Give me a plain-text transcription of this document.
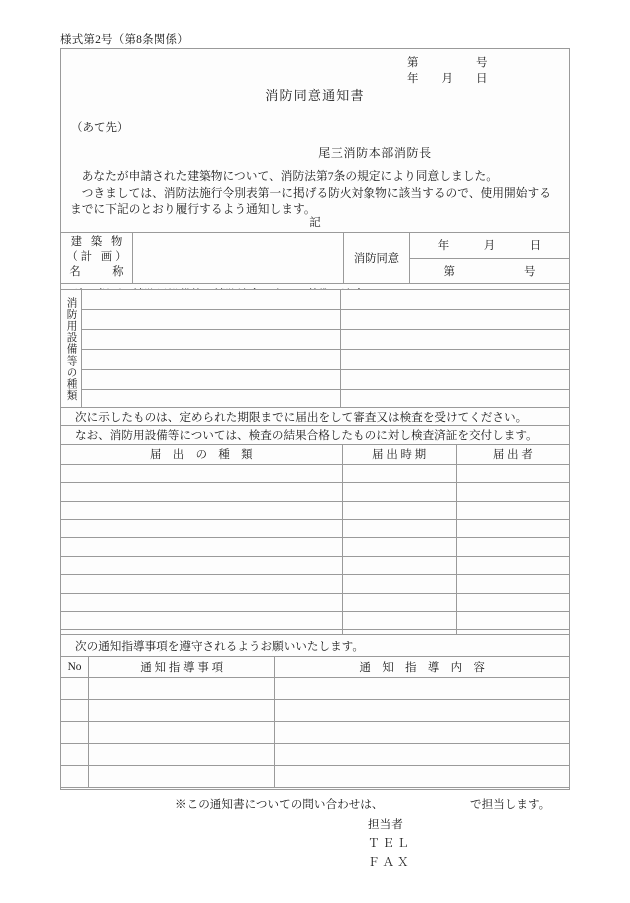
様式第2号（第8条関係）
第　　　　　号
年　　月　　日
消防同意通知書
（あて先）
尾三消防本部消防長

あなたが申請された建築物について、消防法第7条の規定により同意しました。

つきましては、消防法施行令別表第一に掲げる防火対象物に該当するので、使用開始するまでに下記のとおり履行するよう通知します。

記
建 築 物
（計 画）
名　　称
		消防同意	年　　　月　　　日
第　　　　　　号

消防用設備等の種類		

次に示したものは、定められた期限までに届出をして審査又は検査を受けてください。		
なお、消防用設備等については、検査の結果合格したものに対し検査済証を交付します。		
届　出　の　種　類	届 出 時 期	届 出 者

次の通知指導事項を遵守されるようお願いいたします。		
No	通 知 指 導 事 項	通　知　指　導　内　容

※この通知書についての問い合わせは、

	で担当します。

担当者
Ｔ Ｅ Ｌ
Ｆ Ａ Ｘ
